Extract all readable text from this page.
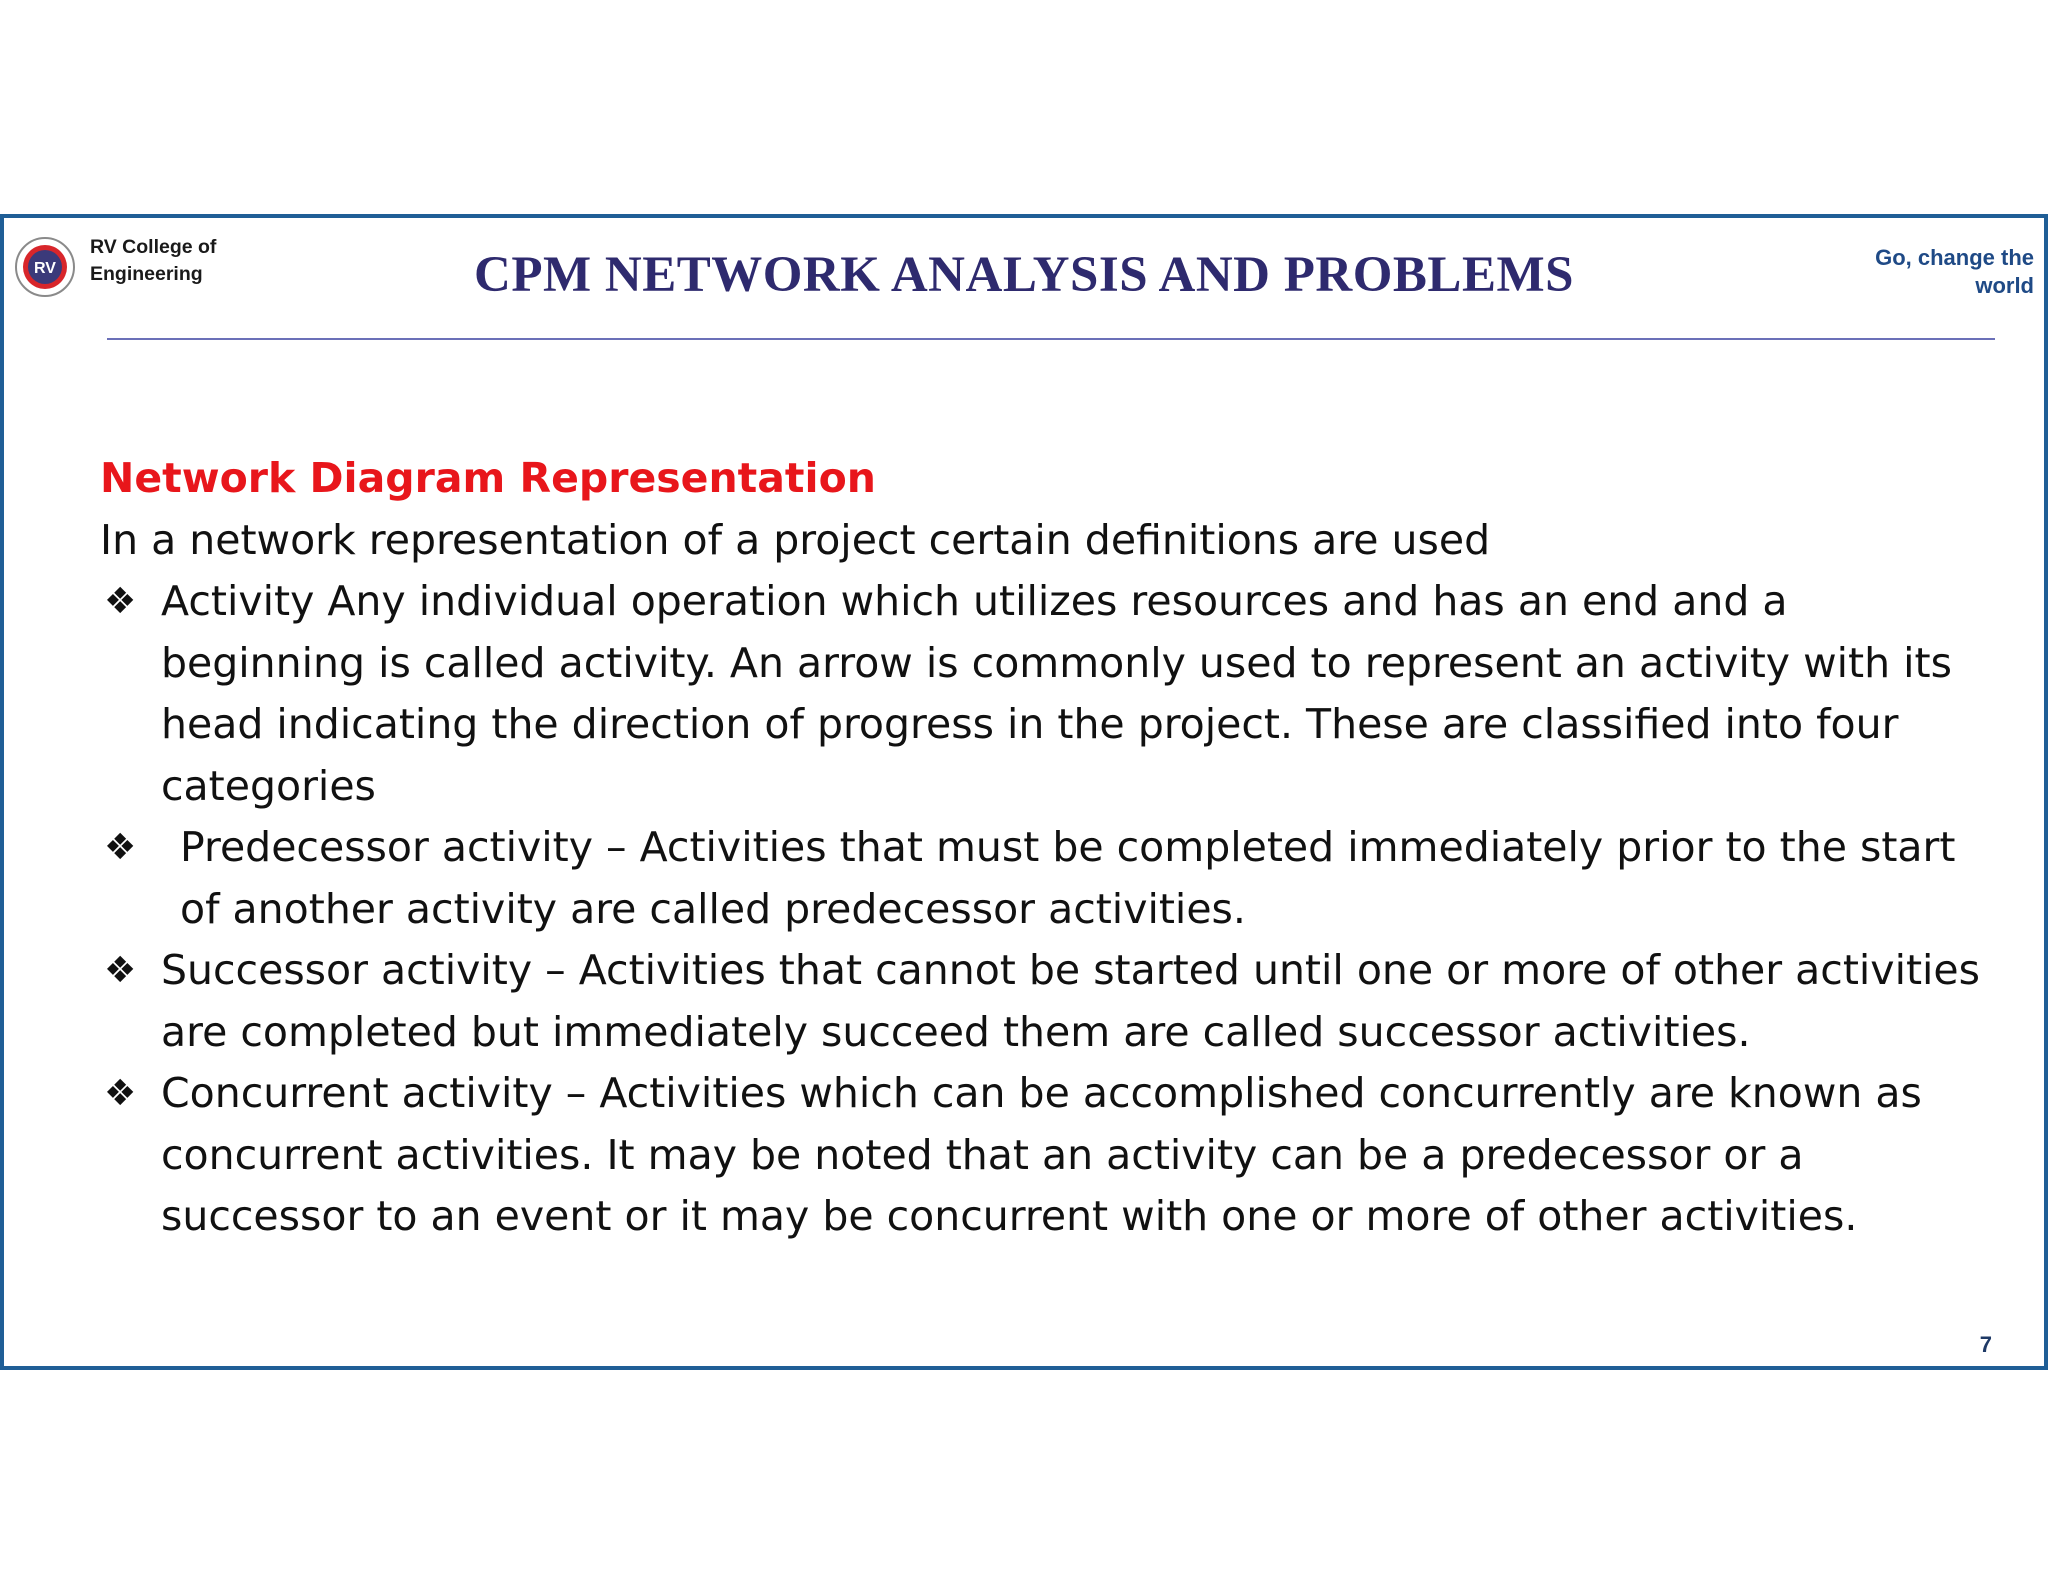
RV
RV College of
Engineering	CPM NETWORK ANALYSIS AND PROBLEMS	Go, change the
world
Network Diagram Representation
In a network representation of a project certain definitions are used
❖ Activity Any individual operation which utilizes resources and has an end and a beginning is called activity. An arrow is commonly used to represent an activity with its head indicating the direction of progress in the project. These are classified into four categories
❖ Predecessor activity – Activities that must be completed immediately prior to the start of another activity are called predecessor activities.
❖ Successor activity – Activities that cannot be started until one or more of other activities are completed but immediately succeed them are called successor activities.
❖ Concurrent activity – Activities which can be accomplished concurrently are known as concurrent activities. It may be noted that an activity can be a predecessor or a successor to an event or it may be concurrent with one or more of other activities.
7
